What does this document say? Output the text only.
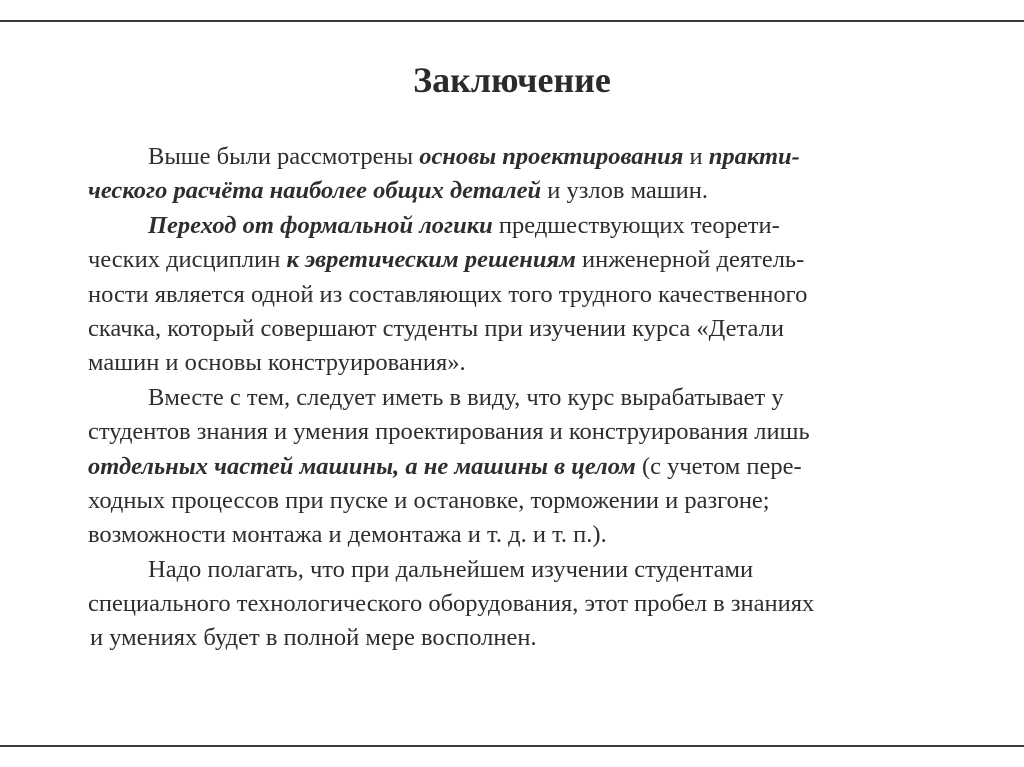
Заключение
Выше были рассмотрены основы проектирования и практи-
ческого расчёта наиболее общих деталей и узлов машин.
Переход от формальной логики предшествующих теорети-
ческих дисциплин к эвретическим решениям инженерной деятель-
ности является одной из составляющих того трудного качественного
скачка, который совершают студенты при изучении курса «Детали
машин и основы конструирования».
Вместе с тем, следует иметь в виду, что курс вырабатывает у
студентов знания и умения проектирования и конструирования лишь
отдельных частей машины, а не машины в целом (с учетом пере-
ходных процессов при пуске и остановке, торможении и разгоне;
возможности монтажа и демонтажа и т. д. и т. п.).
Надо полагать, что при дальнейшем изучении студентами
специального технологического оборудования, этот пробел в знаниях
и умениях будет в полной мере восполнен.
